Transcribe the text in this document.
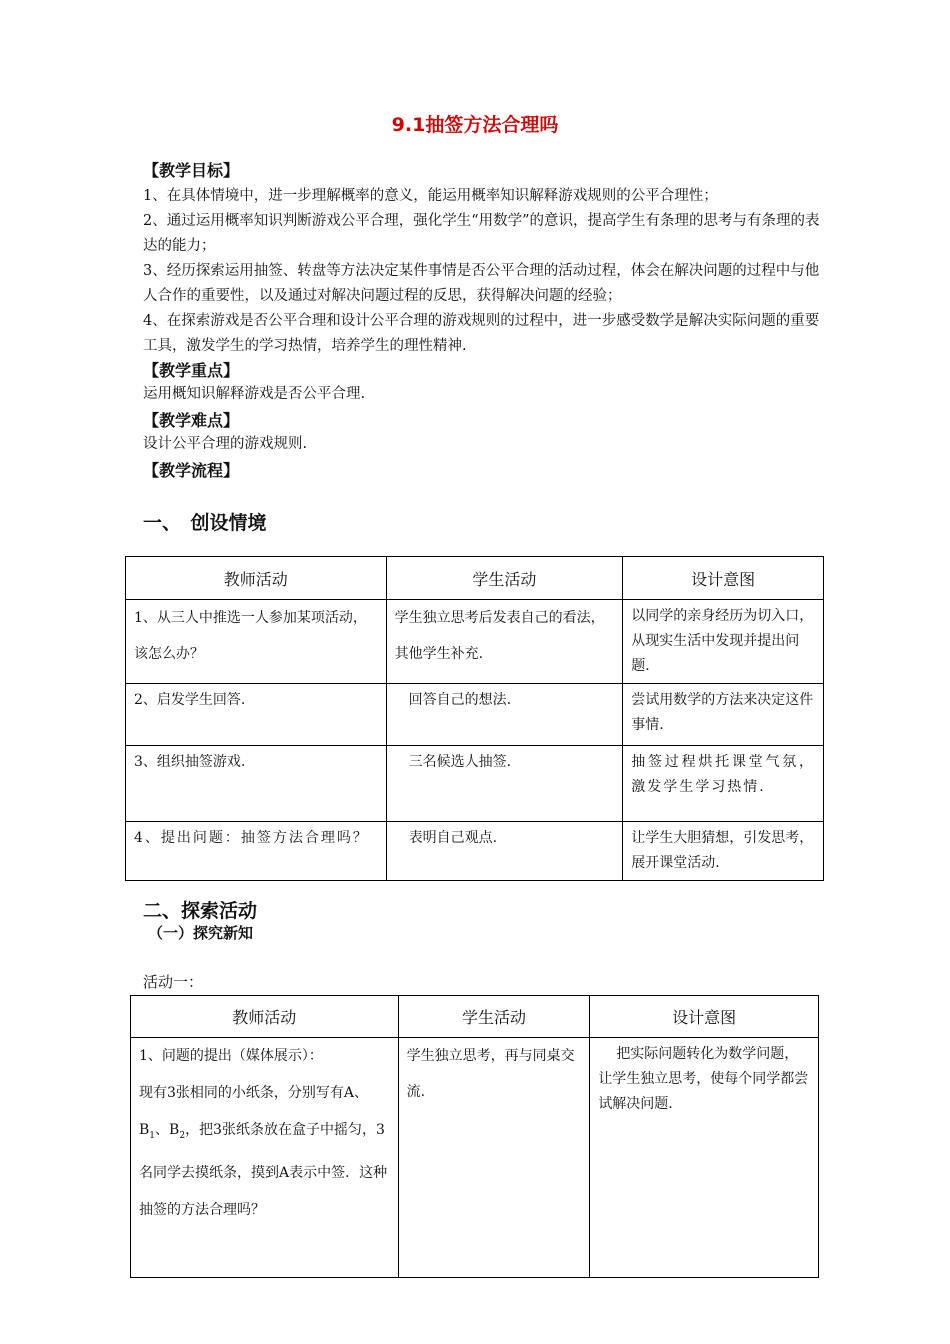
9.1抽签方法合理吗
【教学目标】
1、在具体情境中，进一步理解概率的意义，能运用概率知识解释游戏规则的公平合理性；
2、通过运用概率知识判断游戏公平合理，强化学生“用数学”的意识，提高学生有条理的思考与有条理的表达的能力；
3、经历探索运用抽签、转盘等方法决定某件事情是否公平合理的活动过程，体会在解决问题的过程中与他人合作的重要性，以及通过对解决问题过程的反思，获得解决问题的经验；
4、在探索游戏是否公平合理和设计公平合理的游戏规则的过程中，进一步感受数学是解决实际问题的重要工具，激发学生的学习热情，培养学生的理性精神.
【教学重点】
运用概知识解释游戏是否公平合理.
【教学难点】
设计公平合理的游戏规则.
【教学流程】
一、　创设情境
教师活动	学生活动	设计意图

1、从三人中推选一人参加某项活动，该怎么办？	学生独立思考后发表自己的看法，其他学生补充.	以同学的亲身经历为切入口，从现实生活中发现并提出问题.

2、启发学生回答.	回答自己的想法.	尝试用数学的方法来决定这件事情.

3、组织抽签游戏.	三名候选人抽签.	抽签过程烘托课堂气氛，激发学生学习热情.

4、提出问题：抽签方法合理吗？	表明自己观点.	让学生大胆猜想，引发思考，展开课堂活动.
二、探索活动
（一）探究新知
活动一：
教师活动	学生活动	设计意图

1、问题的提出（媒体展示）：
现有3张相同的小纸条，分别写有A、$B_1$、$B_2$，把3张纸条放在盒子中摇匀，3名同学去摸纸条，摸到A表示中签．这种抽签的方法合理吗？	学生独立思考，再与同桌交流.	把实际问题转化为数学问题，让学生独立思考，使每个同学都尝试解决问题.
